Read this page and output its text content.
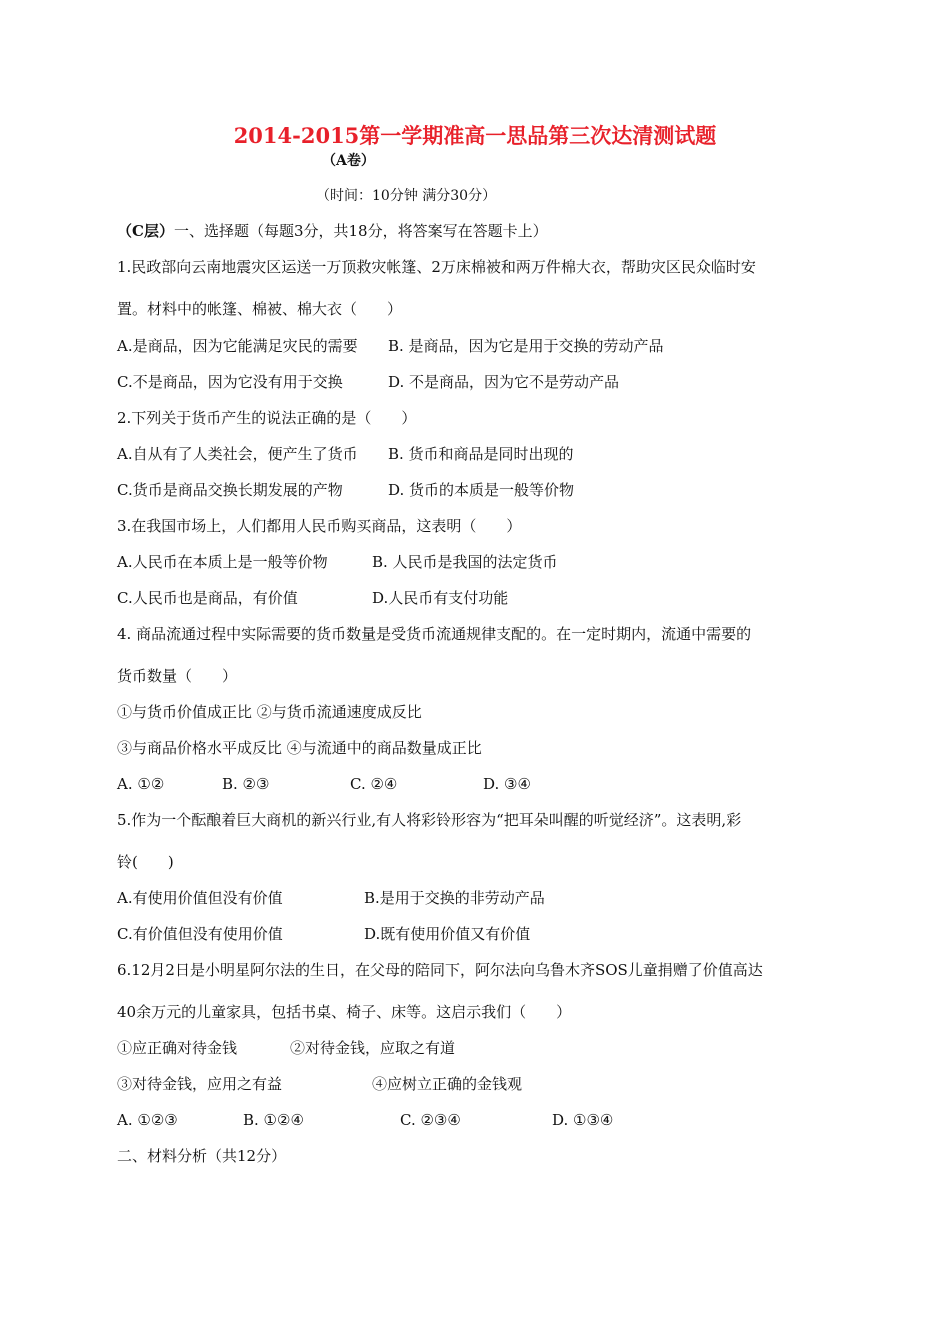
2014-2015第一学期准高一思品第三次达清测试题
（A卷）
（时间：10分钟 满分30分）
（C层）一、选择题（每题3分，共18分，将答案写在答题卡上）
1.民政部向云南地震灾区运送一万顶救灾帐篷、2万床棉被和两万件棉大衣，帮助灾区民众临时安
置。材料中的帐篷、棉被、棉大衣（　　）
A.是商品，因为它能满足灾民的需要 B. 是商品，因为它是用于交换的劳动产品
C.不是商品，因为它没有用于交换	D. 不是商品，因为它不是劳动产品
2.下列关于货币产生的说法正确的是（　　）
A.自从有了人类社会，便产生了货币 B. 货币和商品是同时出现的
C.货币是商品交换长期发展的产物	D. 货币的本质是一般等价物
3.在我国市场上，人们都用人民币购买商品，这表明（　　）
A.人民币在本质上是一般等价物	B. 人民币是我国的法定货币
C.人民币也是商品，有价值	D.人民币有支付功能
4. 商品流通过程中实际需要的货币数量是受货币流通规律支配的。在一定时期内，流通中需要的
货币数量（　　）
①与货币价值成正比 ②与货币流通速度成反比
③与商品价格水平成反比 ④与流通中的商品数量成正比
A. ①②	B. ②③	C. ②④	D. ③④
5.作为一个酝酿着巨大商机的新兴行业,有人将彩铃形容为“把耳朵叫醒的听觉经济”。这表明,彩
铃(　　)
A.有使用价值但没有价值	B.是用于交换的非劳动产品
C.有价值但没有使用价值	D.既有使用价值又有价值
6.12月2日是小明星阿尔法的生日，在父母的陪同下，阿尔法向乌鲁木齐SOS儿童捐赠了价值高达
40余万元的儿童家具，包括书桌、椅子、床等。这启示我们（　　）
①应正确对待金钱	②对待金钱，应取之有道
③对待金钱，应用之有益	④应树立正确的金钱观
A. ①②③	B. ①②④	C. ②③④	D. ①③④
二、材料分析（共12分）
